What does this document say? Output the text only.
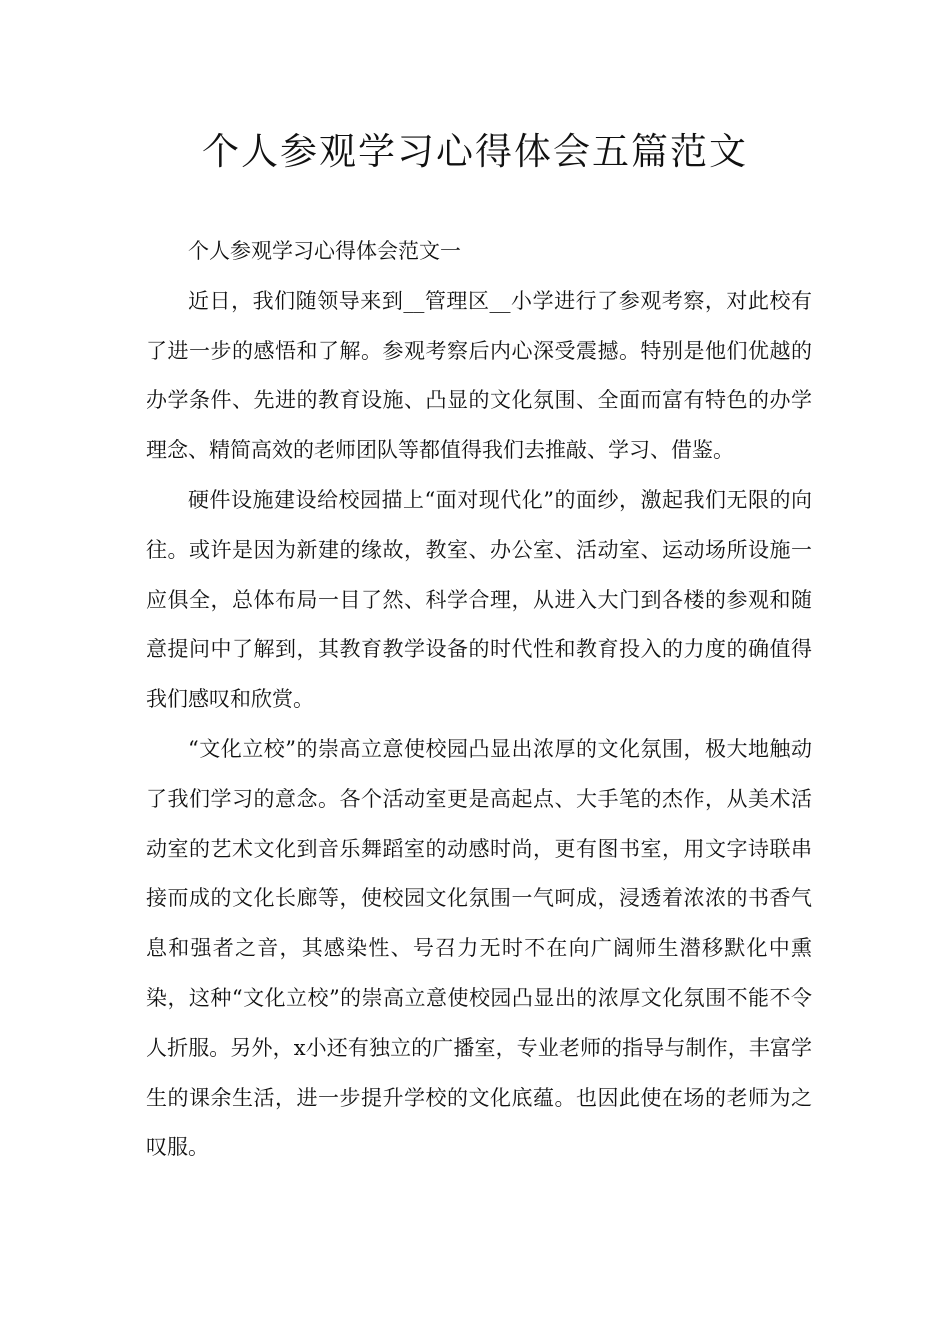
个人参观学习心得体会五篇范文

个人参观学习心得体会范文一

近日，我们随领导来到__管理区__小学进行了参观考察，对此校有了进一步的感悟和了解。参观考察后内心深受震撼。特别是他们优越的办学条件、先进的教育设施、凸显的文化氛围、全面而富有特色的办学理念、精简高效的老师团队等都值得我们去推敲、学习、借鉴。

硬件设施建设给校园描上“面对现代化”的面纱，激起我们无限的向往。或许是因为新建的缘故，教室、办公室、活动室、运动场所设施一应俱全，总体布局一目了然、科学合理，从进入大门到各楼的参观和随意提问中了解到，其教育教学设备的时代性和教育投入的力度的确值得我们感叹和欣赏。

“文化立校”的崇高立意使校园凸显出浓厚的文化氛围，极大地触动了我们学习的意念。各个活动室更是高起点、大手笔的杰作，从美术活动室的艺术文化到音乐舞蹈室的动感时尚，更有图书室，用文字诗联串接而成的文化长廊等，使校园文化氛围一气呵成，浸透着浓浓的书香气息和强者之音，其感染性、号召力无时不在向广阔师生潜移默化中熏染，这种“文化立校”的崇高立意使校园凸显出的浓厚文化氛围不能不令人折服。另外，x小还有独立的广播室，专业老师的指导与制作，丰富学生的课余生活，进一步提升学校的文化底蕴。也因此使在场的老师为之叹服。
